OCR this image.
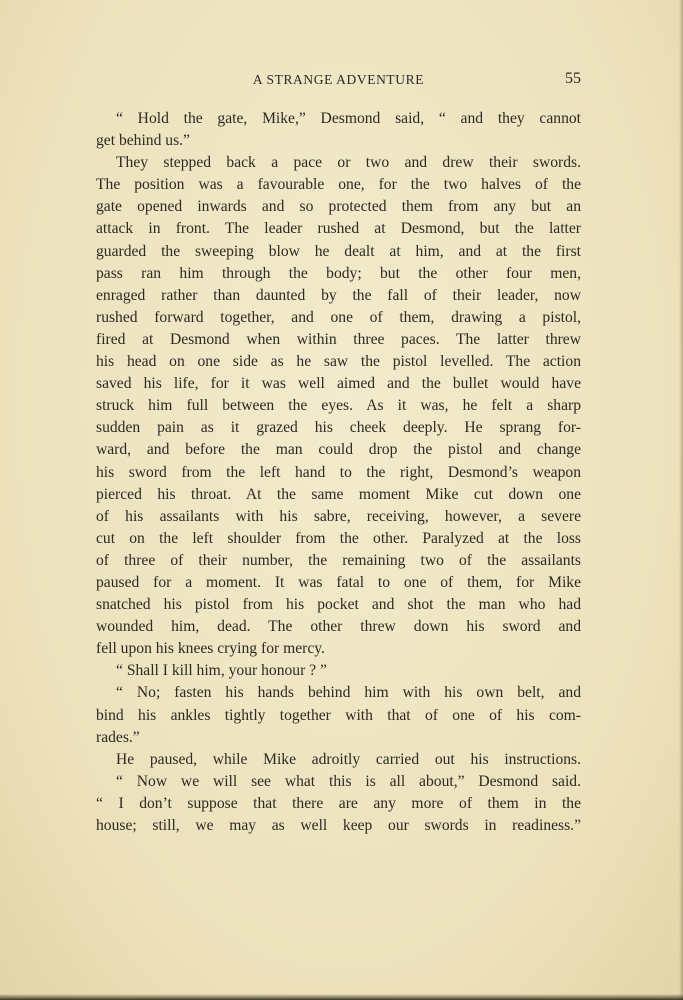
A STRANGE ADVENTURE	55
“ Hold the gate, Mike,” Desmond said, “ and they cannot
get behind us.”
They stepped back a pace or two and drew their swords.
The position was a favourable one, for the two halves of the
gate opened inwards and so protected them from any but an
attack in front. The leader rushed at Desmond, but the latter
guarded the sweeping blow he dealt at him, and at the first
pass ran him through the body; but the other four men,
enraged rather than daunted by the fall of their leader, now
rushed forward together, and one of them, drawing a pistol,
fired at Desmond when within three paces. The latter threw
his head on one side as he saw the pistol levelled. The action
saved his life, for it was well aimed and the bullet would have
struck him full between the eyes. As it was, he felt a sharp
sudden pain as it grazed his cheek deeply. He sprang for-
ward, and before the man could drop the pistol and change
his sword from the left hand to the right, Desmond’s weapon
pierced his throat. At the same moment Mike cut down one
of his assailants with his sabre, receiving, however, a severe
cut on the left shoulder from the other. Paralyzed at the loss
of three of their number, the remaining two of the assailants
paused for a moment. It was fatal to one of them, for Mike
snatched his pistol from his pocket and shot the man who had
wounded him, dead. The other threw down his sword and
fell upon his knees crying for mercy.
“ Shall I kill him, your honour ? ”
“ No; fasten his hands behind him with his own belt, and
bind his ankles tightly together with that of one of his com-
rades.”
He paused, while Mike adroitly carried out his instructions.
“ Now we will see what this is all about,” Desmond said.
“ I don’t suppose that there are any more of them in the
house; still, we may as well keep our swords in readiness.”
